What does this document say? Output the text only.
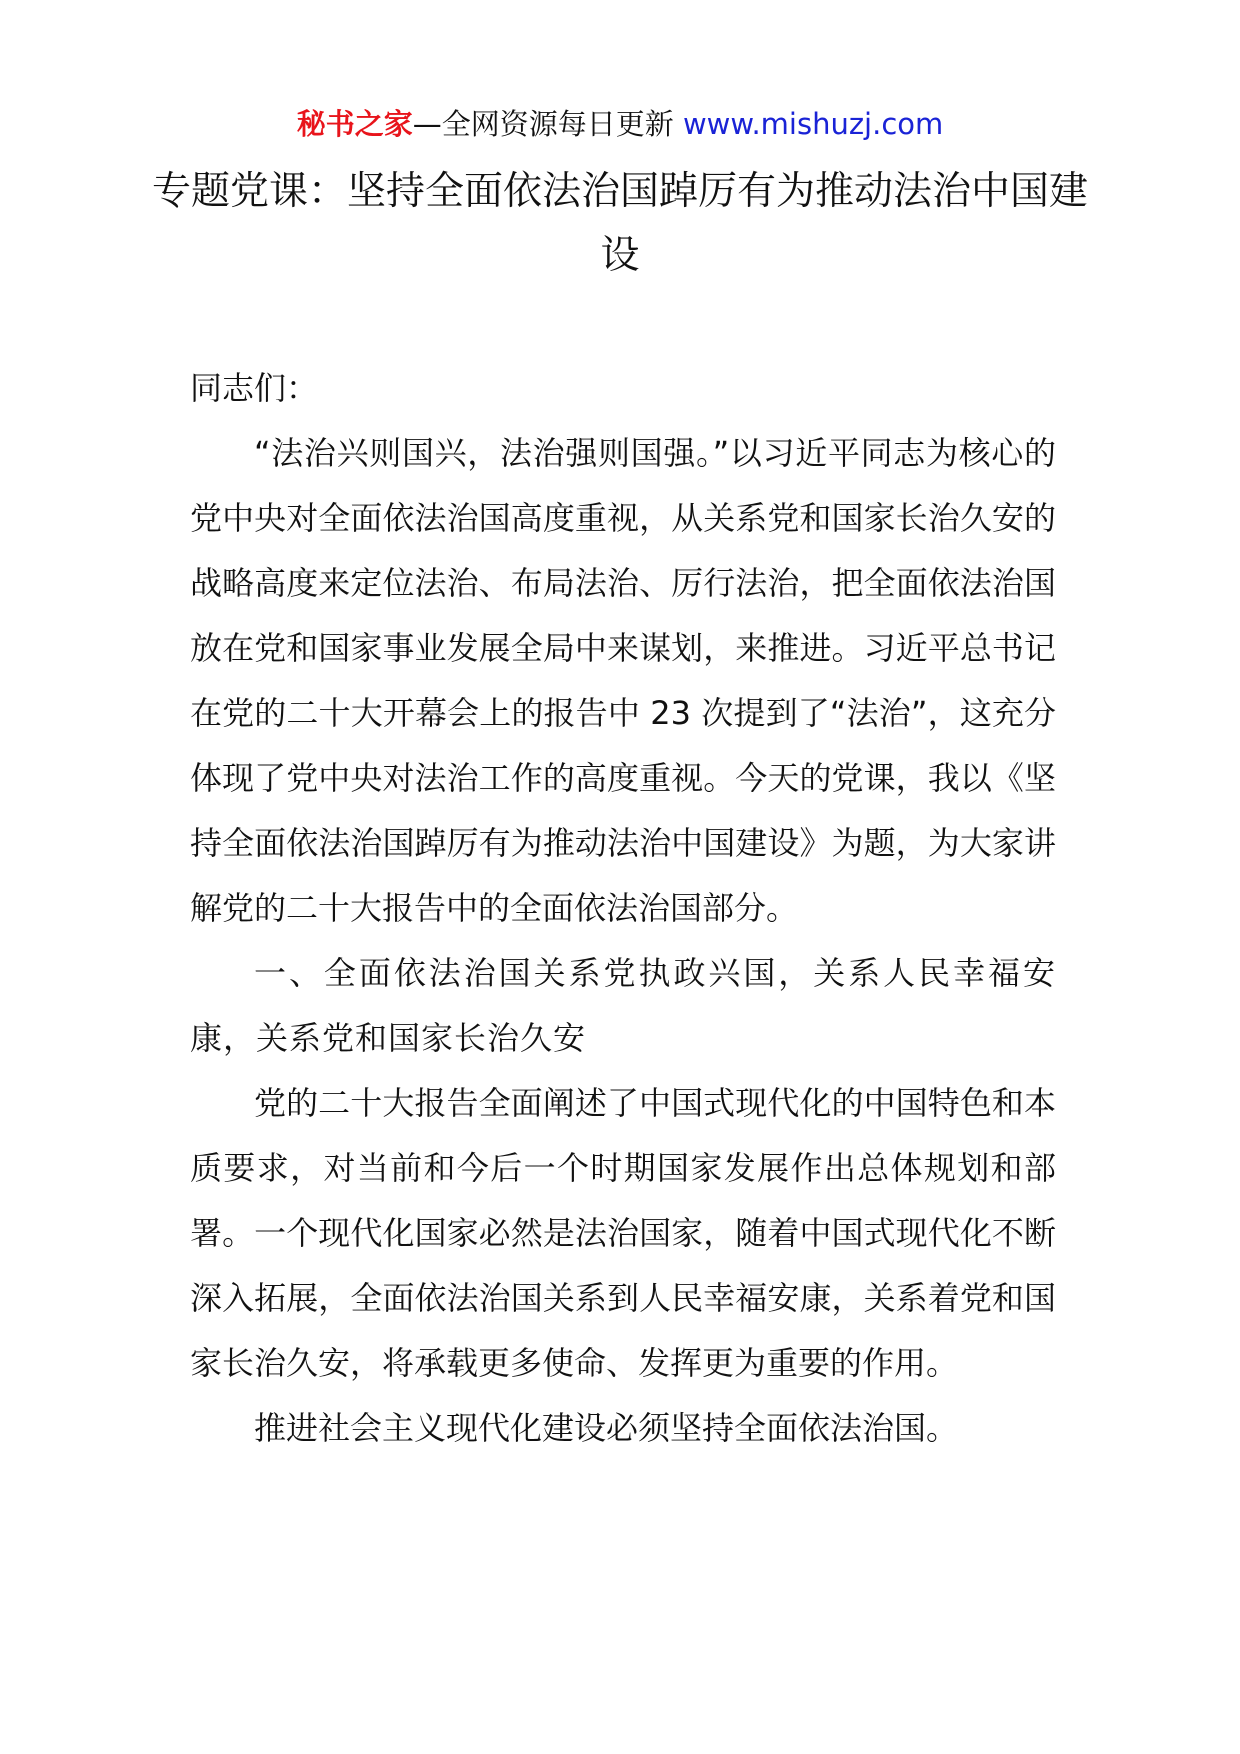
秘书之家—全网资源每日更新 www.mishuzj.com
专题党课：坚持全面依法治国踔厉有为推动法治中国建设

同志们：

“法治兴则国兴，法治强则国强。”以习近平同志为核心的党中央对全面依法治国高度重视，从关系党和国家长治久安的战略高度来定位法治、布局法治、厉行法治，把全面依法治国放在党和国家事业发展全局中来谋划，来推进。习近平总书记在党的二十大开幕会上的报告中 23 次提到了“法治”，这充分体现了党中央对法治工作的高度重视。今天的党课，我以《坚持全面依法治国踔厉有为推动法治中国建设》为题，为大家讲解党的二十大报告中的全面依法治国部分。

一、全面依法治国关系党执政兴国，关系人民幸福安康，关系党和国家长治久安

党的二十大报告全面阐述了中国式现代化的中国特色和本质要求，对当前和今后一个时期国家发展作出总体规划和部署。一个现代化国家必然是法治国家，随着中国式现代化不断深入拓展，全面依法治国关系到人民幸福安康，关系着党和国家长治久安，将承载更多使命、发挥更为重要的作用。

推进社会主义现代化建设必须坚持全面依法治国。
